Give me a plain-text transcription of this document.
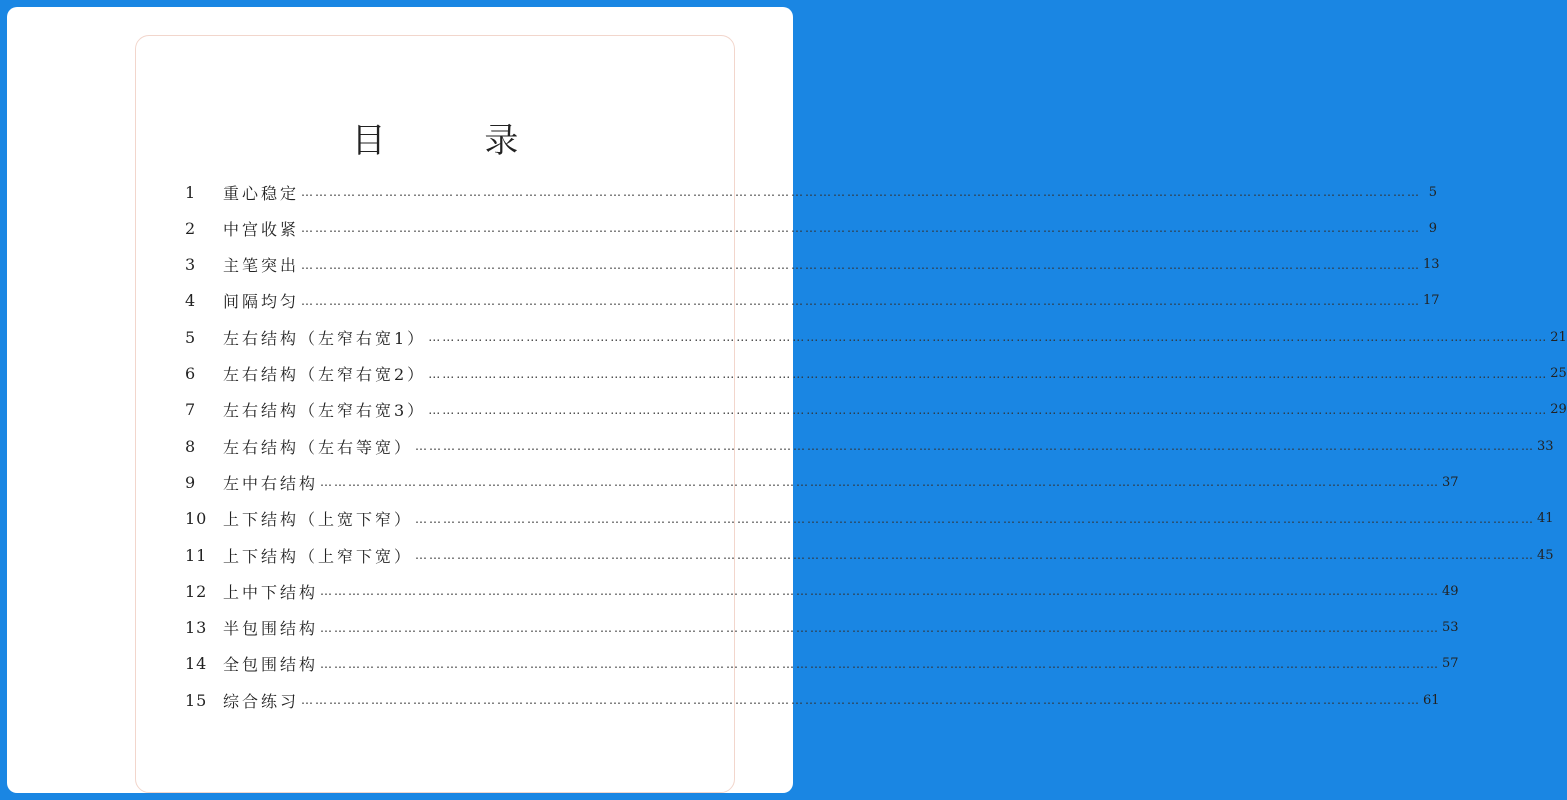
目 录
1	重心稳定 …………………………………………………………………………………………………………………………………………………………………………………………………………………… 5
2	中宫收紧 …………………………………………………………………………………………………………………………………………………………………………………………………………………… 9
3	主笔突出 …………………………………………………………………………………………………………………………………………………………………………………………………………………… 13
4	间隔均匀 …………………………………………………………………………………………………………………………………………………………………………………………………………………… 17
5	左右结构（左窄右宽1） …………………………………………………………………………………………………………………………………………………………………………………………………………………… 21
6	左右结构（左窄右宽2） …………………………………………………………………………………………………………………………………………………………………………………………………………………… 25
7	左右结构（左窄右宽3） …………………………………………………………………………………………………………………………………………………………………………………………………………………… 29
8	左右结构（左右等宽） …………………………………………………………………………………………………………………………………………………………………………………………………………………… 33
9	左中右结构 …………………………………………………………………………………………………………………………………………………………………………………………………………………… 37
10 上下结构（上宽下窄） …………………………………………………………………………………………………………………………………………………………………………………………………………………… 41
11 上下结构（上窄下宽） …………………………………………………………………………………………………………………………………………………………………………………………………………………… 45
12 上中下结构 …………………………………………………………………………………………………………………………………………………………………………………………………………………… 49
13 半包围结构 …………………………………………………………………………………………………………………………………………………………………………………………………………………… 53
14 全包围结构 …………………………………………………………………………………………………………………………………………………………………………………………………………………… 57
15 综合练习 …………………………………………………………………………………………………………………………………………………………………………………………………………………… 61
